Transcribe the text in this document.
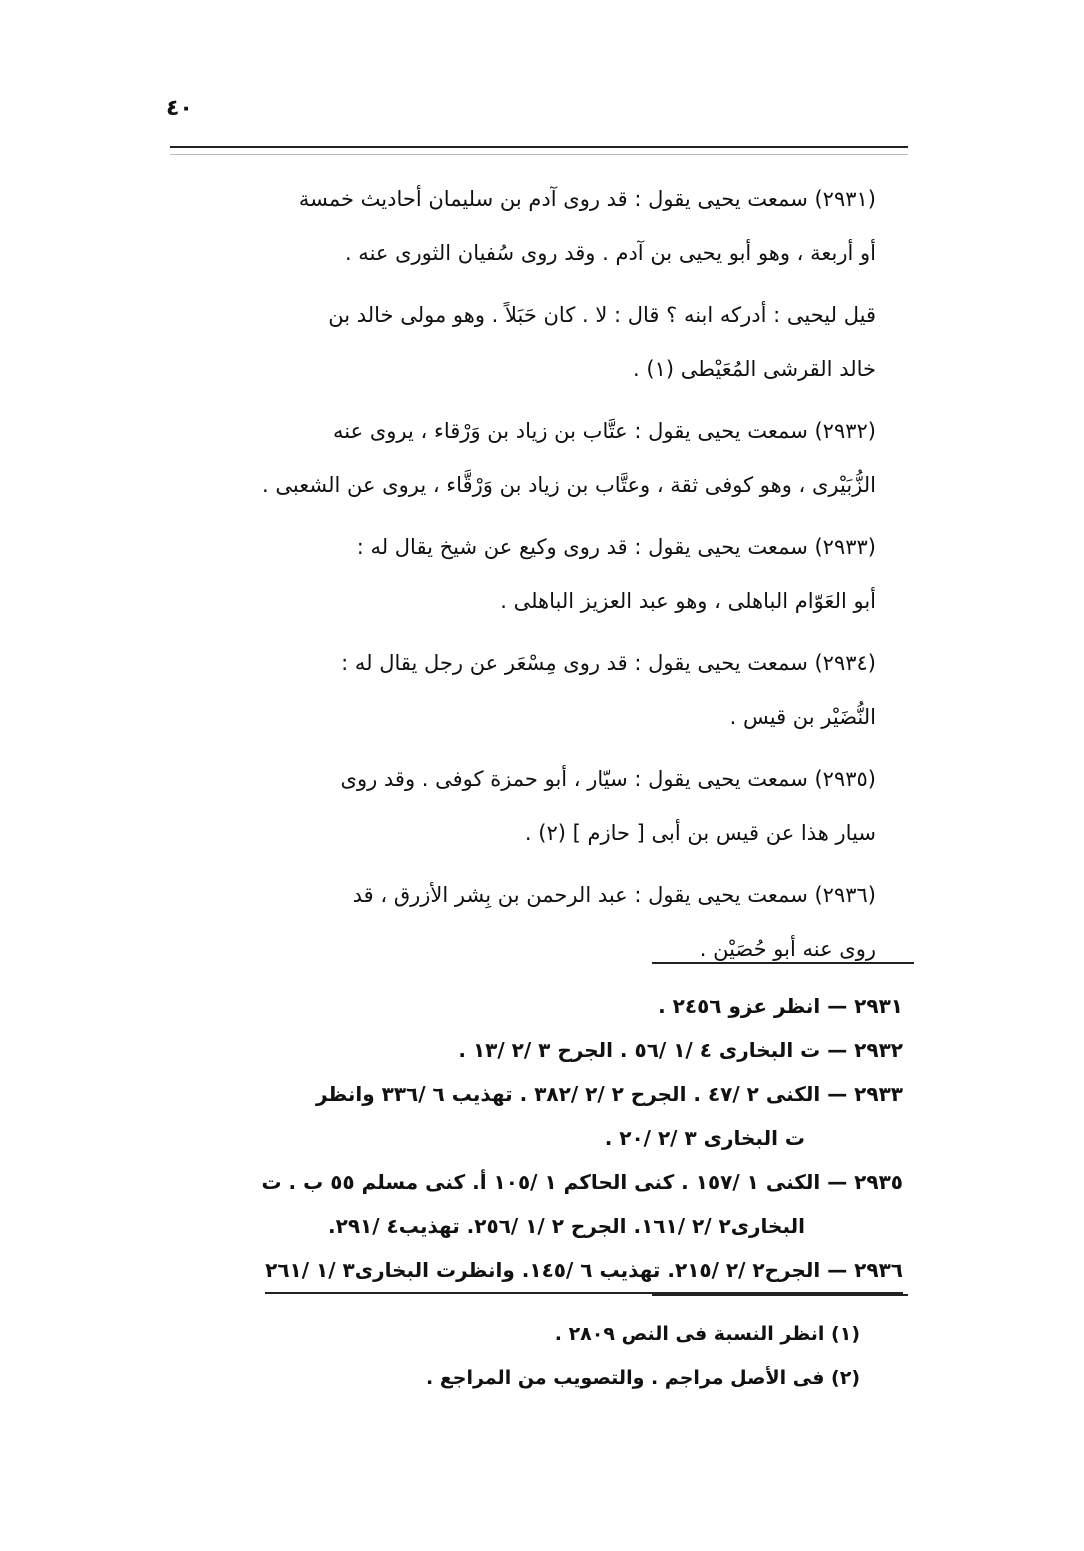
٤٠
(٢٩٣١) سمعت يحيى يقول : قد روى آدم بن سليمان أحاديث خمسة
أو أربعة ، وهو أبو يحيى بن آدم . وقد روى سُفيان الثورى عنه .
قيل ليحيى : أدركه ابنه ؟ قال : لا . كان حَبَلاً . وهو مولى خالد بن
خالد القرشى المُعَيْطى (١) .
(٢٩٣٢) سمعت يحيى يقول : عتَّاب بن زياد بن وَرْقاء ، يروى عنه
الزُّبَيْرى ، وهو كوفى ثقة ، وعتَّاب بن زياد بن وَرْقَّاء ، يروى عن الشعبى .
(٢٩٣٣) سمعت يحيى يقول : قد روى وكيع عن شيخ يقال له :
أبو العَوّام الباهلى ، وهو عبد العزيز الباهلى .
(٢٩٣٤) سمعت يحيى يقول : قد روى مِسْعَر عن رجل يقال له :
النُّضَيْر بن قيس .
(٢٩٣٥) سمعت يحيى يقول : سيّار ، أبو حمزة كوفى . وقد روى
سيار هذا عن قيس بن أبى [ حازم ] (٢) .
(٢٩٣٦) سمعت يحيى يقول : عبد الرحمن بن بِشر الأزرق ، قد
روى عنه أبو حُصَيْن .
٢٩٣١ — انظر عزو ٢٤٥٦ .
٢٩٣٢ — ت البخارى ٤ /١ /٥٦ . الجرح ٣ /٢ /١٣ .
٢٩٣٣ — الكنى ٢ /٤٧ . الجرح ٢ /٢ /٣٨٢ . تهذيب ٦ /٣٣٦ وانظر
ت البخارى ٣ /٢ /٢٠ .
٢٩٣٥ — الكنى ١ /١٥٧ . كنى الحاكم ١ /١٠٥ أ. كنى مسلم ٥٥ ب . ت
البخارى٢ /٢ /١٦١. الجرح ٢ /١ /٢٥٦. تهذيب٤ /٢٩١.
٢٩٣٦ — الجرح٢ /٢ /٢١٥. تهذيب ٦ /١٤٥. وانظرت البخارى٣ /١ /٢٦١
(١) انظر النسبة فى النص ٢٨٠٩ .
(٢) فى الأصل مراجم . والتصويب من المراجع .
